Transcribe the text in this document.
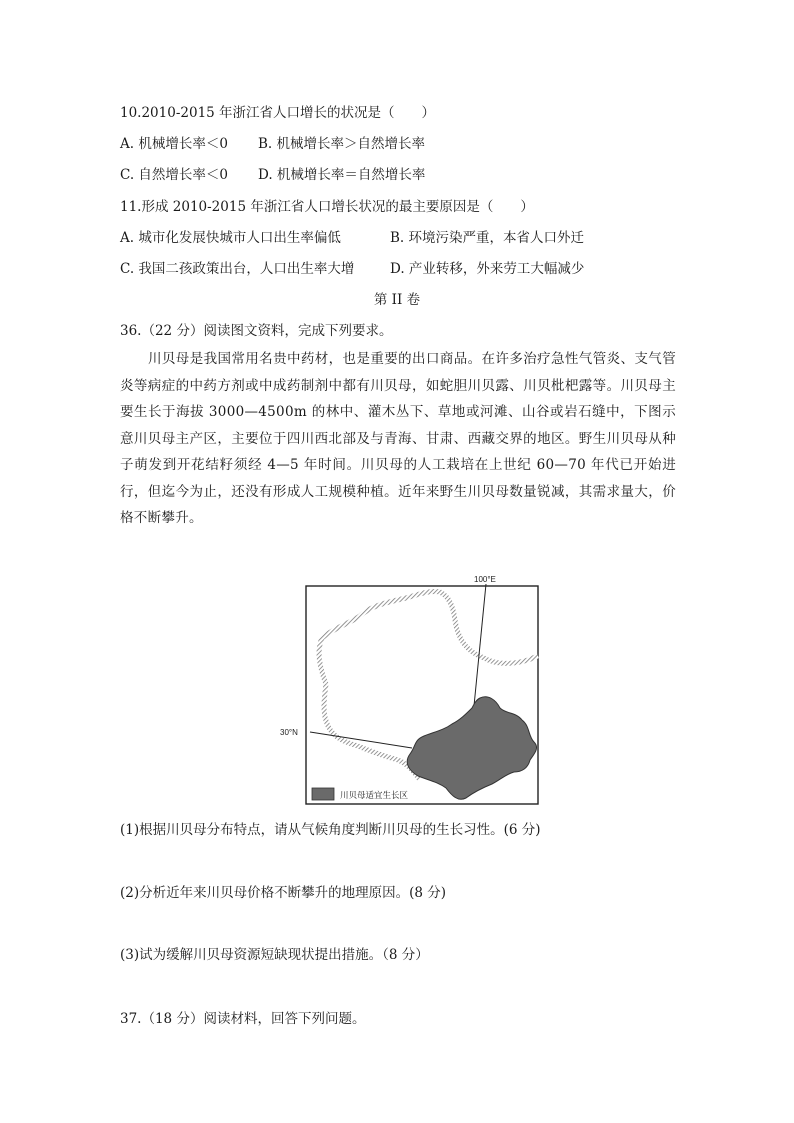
10.2010-2015 年浙江省人口增长的状况是（　　）
A. 机械增长率＜0 B. 机械增长率＞自然增长率
C. 自然增长率＜0 D. 机械增长率＝自然增长率
11.形成 2010-2015 年浙江省人口增长状况的最主要原因是（　　）
A. 城市化发展快城市人口出生率偏低	B. 环境污染严重，本省人口外迁
C. 我国二孩政策出台，人口出生率大增	D. 产业转移，外来劳工大幅减少
第 II 卷
36.（22 分）阅读图文资料，完成下列要求。
川贝母是我国常用名贵中药材，也是重要的出口商品。在许多治疗急性气管炎、支气管炎等病症的中药方剂或中成药制剂中都有川贝母，如蛇胆川贝露、川贝枇杷露等。川贝母主要生长于海拔 3000—4500m 的林中、灌木丛下、草地或河滩、山谷或岩石缝中，下图示意川贝母主产区，主要位于四川西北部及与青海、甘肃、西藏交界的地区。野生川贝母从种子萌发到开花结籽须经 4—5 年时间。川贝母的人工栽培在上世纪 60—70 年代已开始进行，但迄今为止，还没有形成人工规模种植。近年来野生川贝母数量锐减，其需求量大，价格不断攀升。
100°E
30°N
川贝母适宜生长区
(1)根据川贝母分布特点，请从气候角度判断川贝母的生长习性。(6 分)
(2)分析近年来川贝母价格不断攀升的地理原因。(8 分)
(3)试为缓解川贝母资源短缺现状提出措施。（8 分）
37.（18 分）阅读材料，回答下列问题。
